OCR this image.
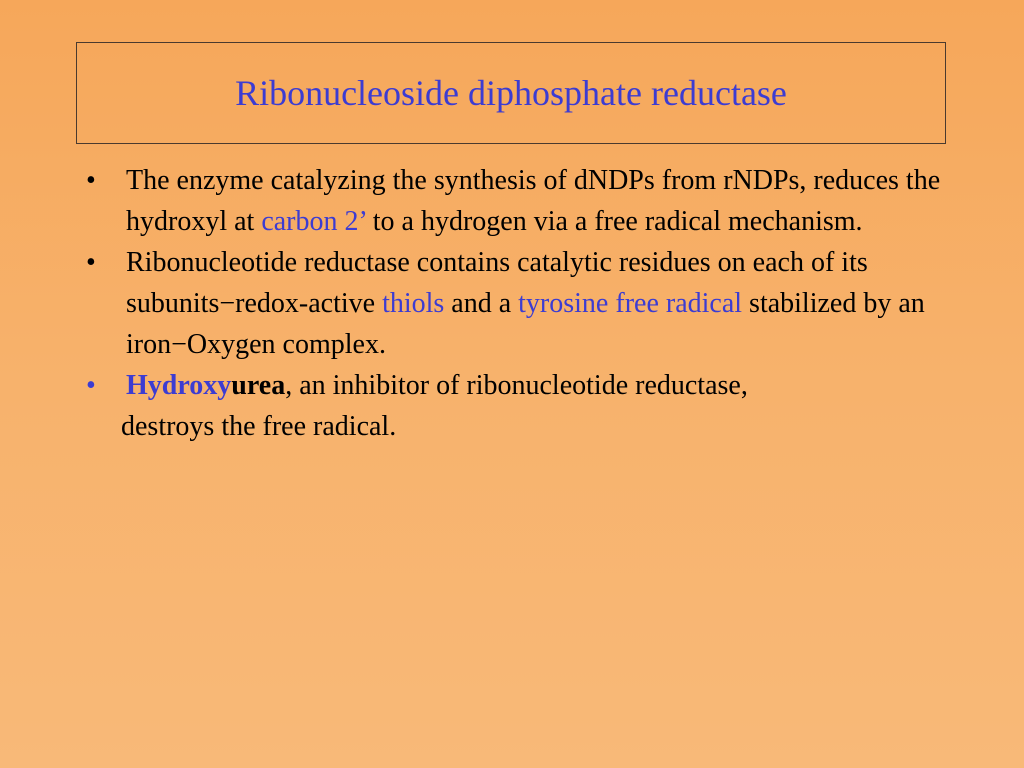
Ribonucleoside diphosphate reductase
• The enzyme catalyzing the synthesis of dNDPs from rNDPs, reduces the hydroxyl at carbon 2’ to a hydrogen via a free radical mechanism.
• Ribonucleotide reductase contains catalytic residues on each of its subunits−redox-active thiols and a tyrosine free radical stabilized by an iron−Oxygen complex.
• Hydroxyurea, an inhibitor of ribonucleotide reductase,
destroys the free radical.
